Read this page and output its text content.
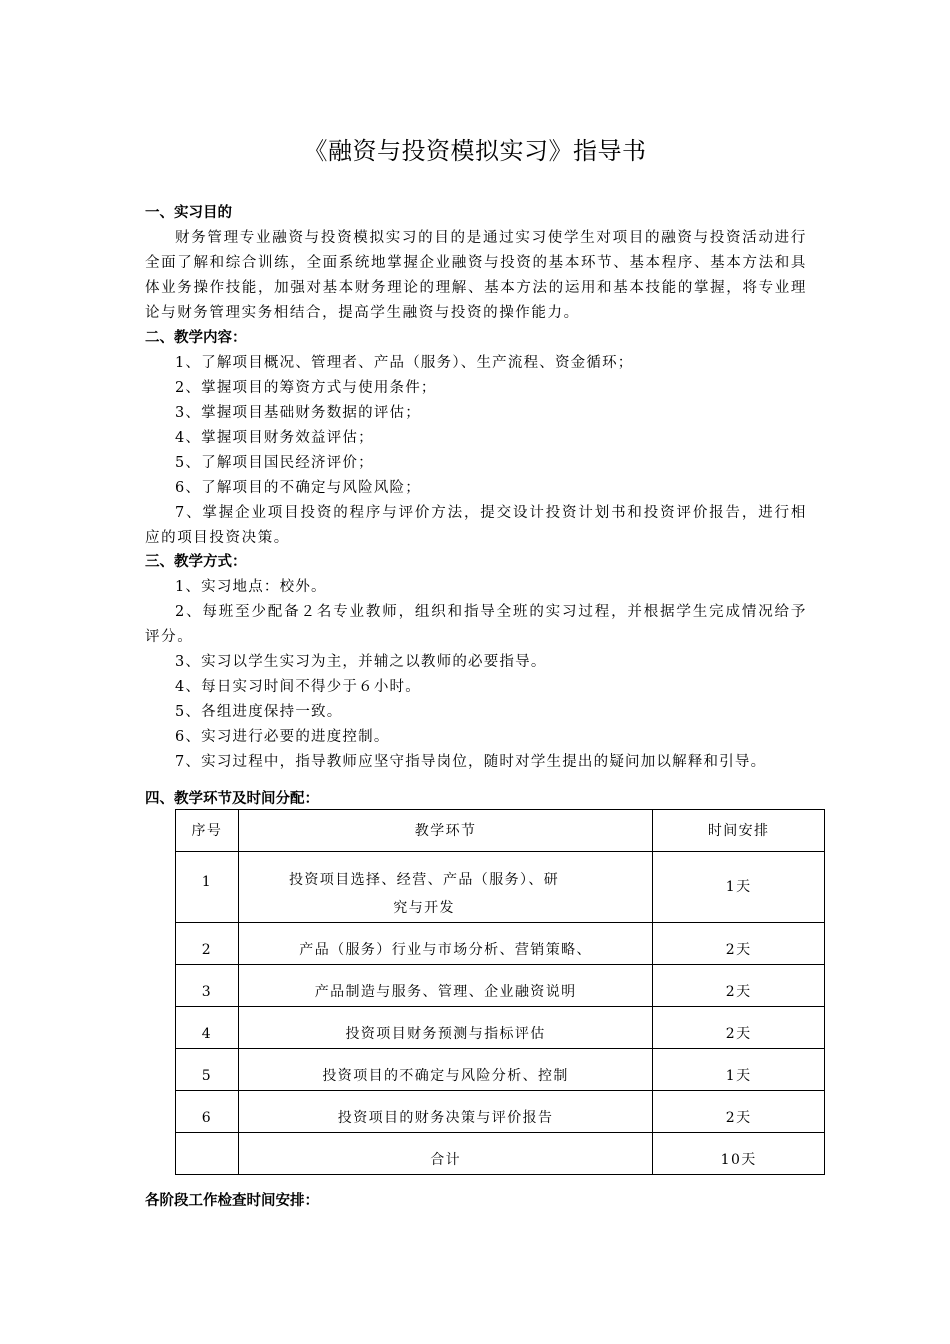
《融资与投资模拟实习》指导书
一、实习目的

财务管理专业融资与投资模拟实习的目的是通过实习使学生对项目的融资与投资活动进行全面了解和综合训练，全面系统地掌握企业融资与投资的基本环节、基本程序、基本方法和具体业务操作技能，加强对基本财务理论的理解、基本方法的运用和基本技能的掌握，将专业理论与财务管理实务相结合，提高学生融资与投资的操作能力。

二、教学内容：

1、了解项目概况、管理者、产品（服务）、生产流程、资金循环；

2、掌握项目的筹资方式与使用条件；

3、掌握项目基础财务数据的评估；

4、掌握项目财务效益评估；

5、了解项目国民经济评价；

6、了解项目的不确定与风险风险；

7、掌握企业项目投资的程序与评价方法，提交设计投资计划书和投资评价报告，进行相应的项目投资决策。

三、教学方式：

1、实习地点：校外。

2、每班至少配备２名专业教师，组织和指导全班的实习过程，并根据学生完成情况给予评分。

3、实习以学生实习为主，并辅之以教师的必要指导。

4、每日实习时间不得少于６小时。

5、各组进度保持一致。

6、实习进行必要的进度控制。

7、实习过程中，指导教师应坚守指导岗位，随时对学生提出的疑问加以解释和引导。

四、教学环节及时间分配：
序号	教学环节	时间安排
1	投资项目选择、经营、产品（服务）、研究与开发	1天
2	产品（服务）行业与市场分析、营销策略、	2天
3	产品制造与服务、管理、企业融资说明	2天
4	投资项目财务预测与指标评估	2天
5	投资项目的不确定与风险分析、控制	1天
6	投资项目的财务决策与评价报告	2天
	合计	10天
各阶段工作检查时间安排：
